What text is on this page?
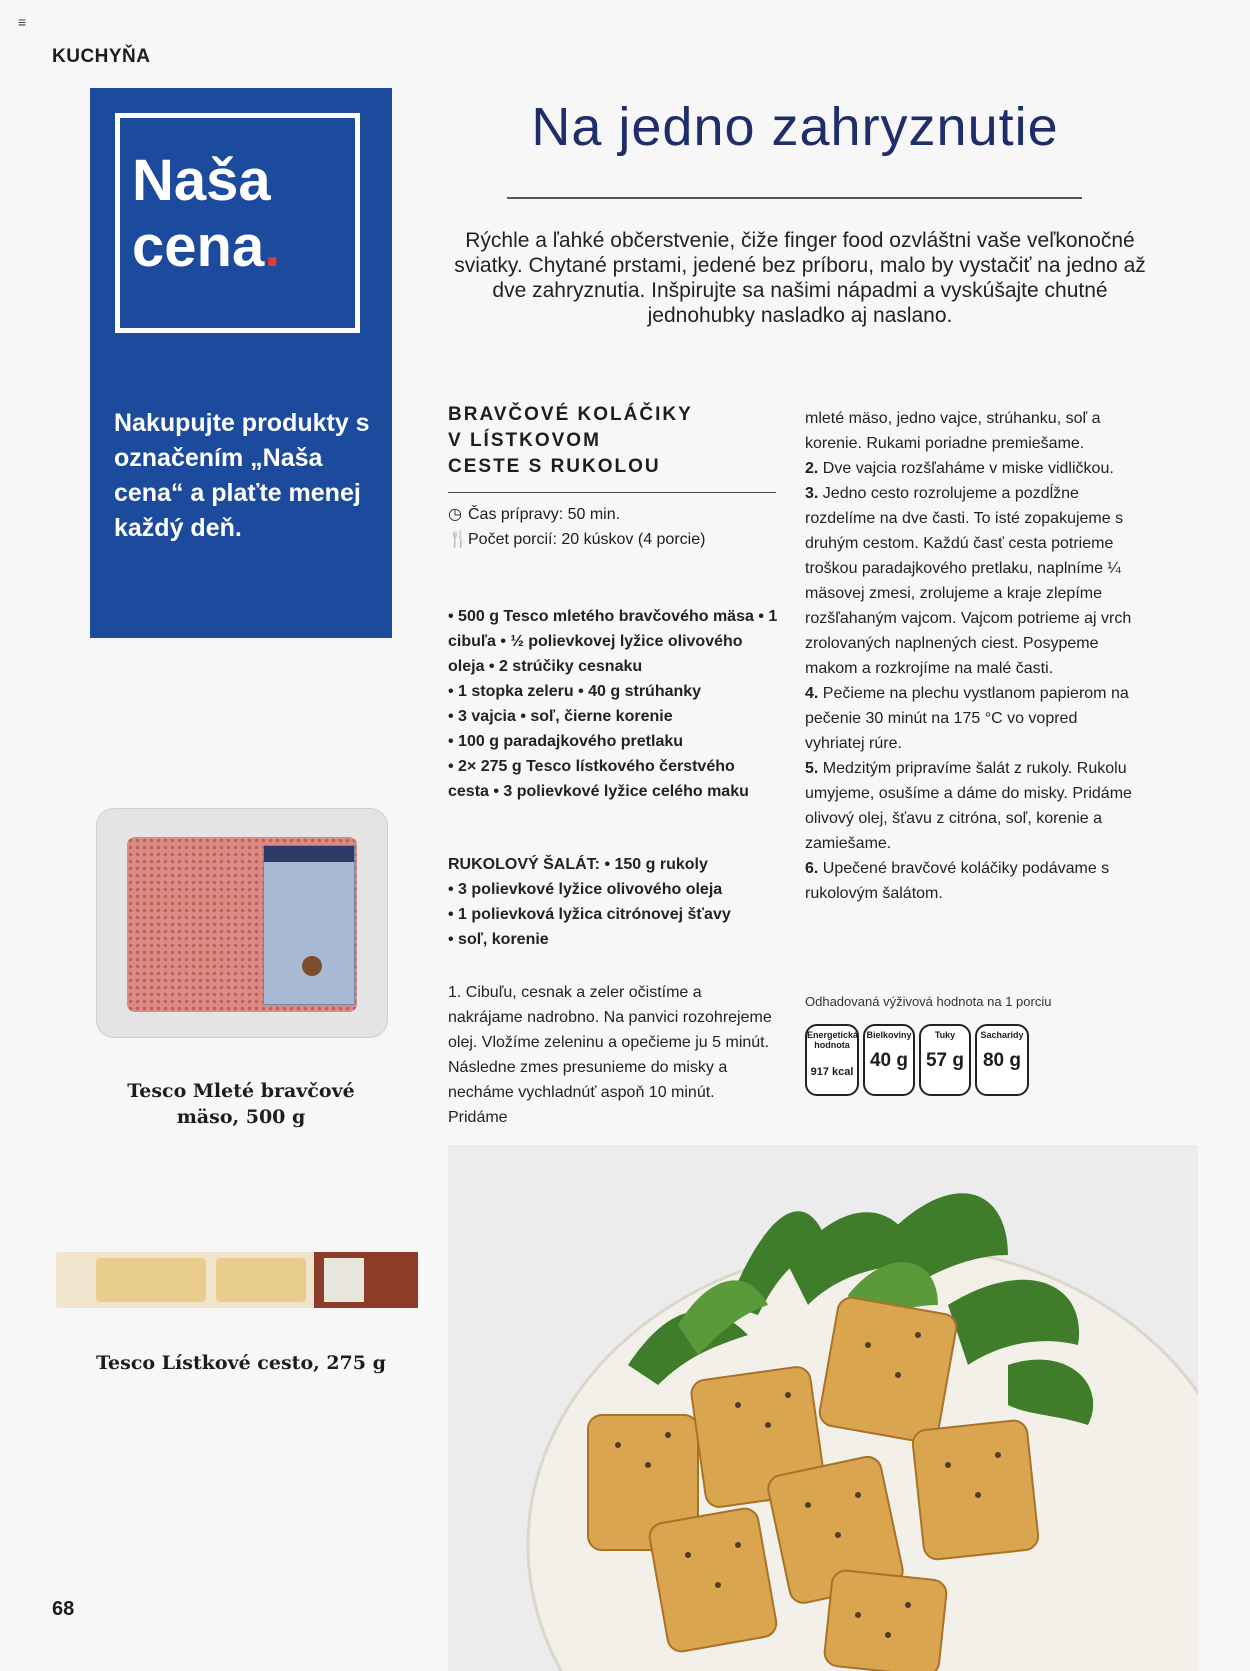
≡
KUCHYŇA
Naša
cena.
Nakupujte produkty s označením „Naša cena“ a plaťte menej každý deň.
Na jedno zahryznutie
Rýchle a ľahké občerstvenie, čiže finger food ozvláštni vaše veľkonočné sviatky. Chytané prstami, jedené bez príboru, malo by vystačiť na jedno až dve zahryznutia. Inšpirujte sa našimi nápadmi a vyskúšajte chutné jednohubky nasladko aj naslano.
BRAVČOVÉ KOLÁČIKY
V LÍSTKOVOM
CESTE S RUKOLOU
◷ Čas prípravy: 50 min.
🍴Počet porcií: 20 kúskov (4 porcie)
• 500 g Tesco mletého bravčového mäsa • 1 cibuľa • ½ polievkovej lyžice olivového oleja • 2 strúčiky cesnaku
• 1 stopka zeleru • 40 g strúhanky
• 3 vajcia • soľ, čierne korenie
• 100 g paradajkového pretlaku
• 2× 275 g Tesco lístkového čerstvého cesta • 3 polievkové lyžice celého maku
RUKOLOVÝ ŠALÁT: • 150 g rukoly
• 3 polievkové lyžice olivového oleja
• 1 polievková lyžica citrónovej šťavy
• soľ, korenie
1. Cibuľu, cesnak a zeler očistíme a nakrájame nadrobno. Na panvici rozohrejeme olej. Vložíme zeleninu a opečieme ju 5 minút. Následne zmes presunieme do misky a necháme vychladnúť aspoň 10 minút. Pridáme

mleté mäso, jedno vajce, strúhanku, soľ a korenie. Rukami poriadne premiešame.

2. Dve vajcia rozšľaháme v miske vidličkou.

3. Jedno cesto rozrolujeme a pozdĺžne rozdelíme na dve časti. To isté zopakujeme s druhým cestom. Každú časť cesta potrieme troškou paradajkového pretlaku, naplníme ¼ mäsovej zmesi, zrolujeme a kraje zlepíme rozšľahaným vajcom. Vajcom potrieme aj vrch zrolovaných naplnených ciest. Posypeme makom a rozkrojíme na malé časti.

4. Pečieme na plechu vystlanom papierom na pečenie 30 minút na 175 °C vo vopred vyhriatej rúre.

5. Medzitým pripravíme šalát z rukoly. Rukolu umyjeme, osušíme a dáme do misky. Pridáme olivový olej, šťavu z citróna, soľ, korenie a zamiešame.

6. Upečené bravčové koláčiky podávame s rukolovým šalátom.

Odhadovaná výživová hodnota na 1 porciu
Energetická hodnota
917 kcal
Bielkoviny
40 g
Tuky
57 g
Sacharidy
80 g
Tesco Mleté bravčové mäso, 500 g
Tesco Lístkové cesto, 275 g
68
